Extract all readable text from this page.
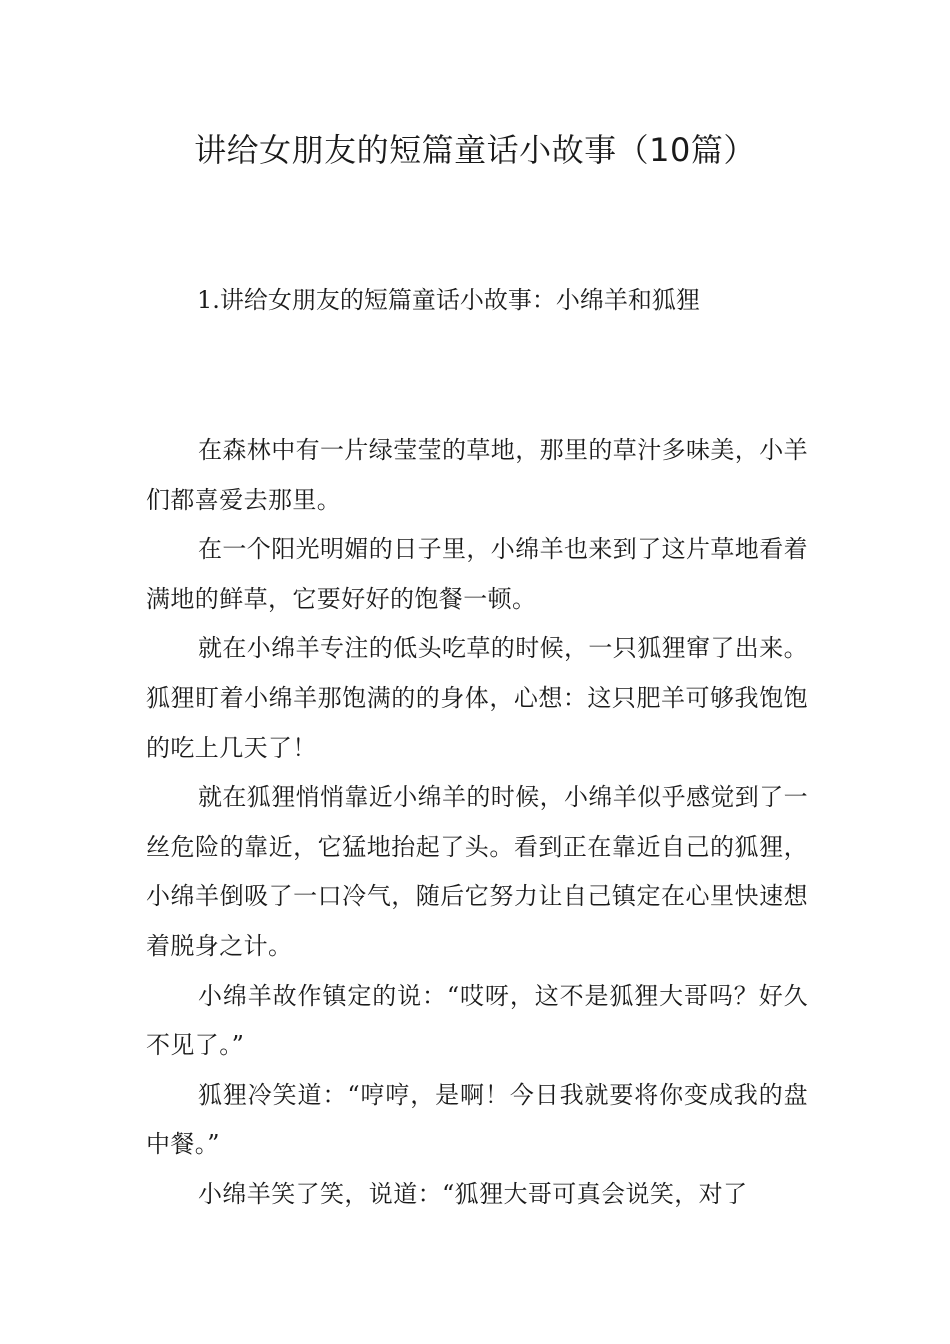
讲给女朋友的短篇童话小故事（10篇）
1.讲给女朋友的短篇童话小故事：小绵羊和狐狸

在森林中有一片绿莹莹的草地，那里的草汁多味美，小羊们都喜爱去那里。

在一个阳光明媚的日子里，小绵羊也来到了这片草地看着满地的鲜草，它要好好的饱餐一顿。

就在小绵羊专注的低头吃草的时候，一只狐狸窜了出来。狐狸盯着小绵羊那饱满的的身体，心想：这只肥羊可够我饱饱的吃上几天了！

就在狐狸悄悄靠近小绵羊的时候，小绵羊似乎感觉到了一丝危险的靠近，它猛地抬起了头。看到正在靠近自己的狐狸，小绵羊倒吸了一口冷气，随后它努力让自己镇定在心里快速想着脱身之计。

小绵羊故作镇定的说：“哎呀，这不是狐狸大哥吗？好久不见了。”

狐狸冷笑道：“哼哼，是啊！今日我就要将你变成我的盘中餐。”

小绵羊笑了笑，说道：“狐狸大哥可真会说笑，对了
